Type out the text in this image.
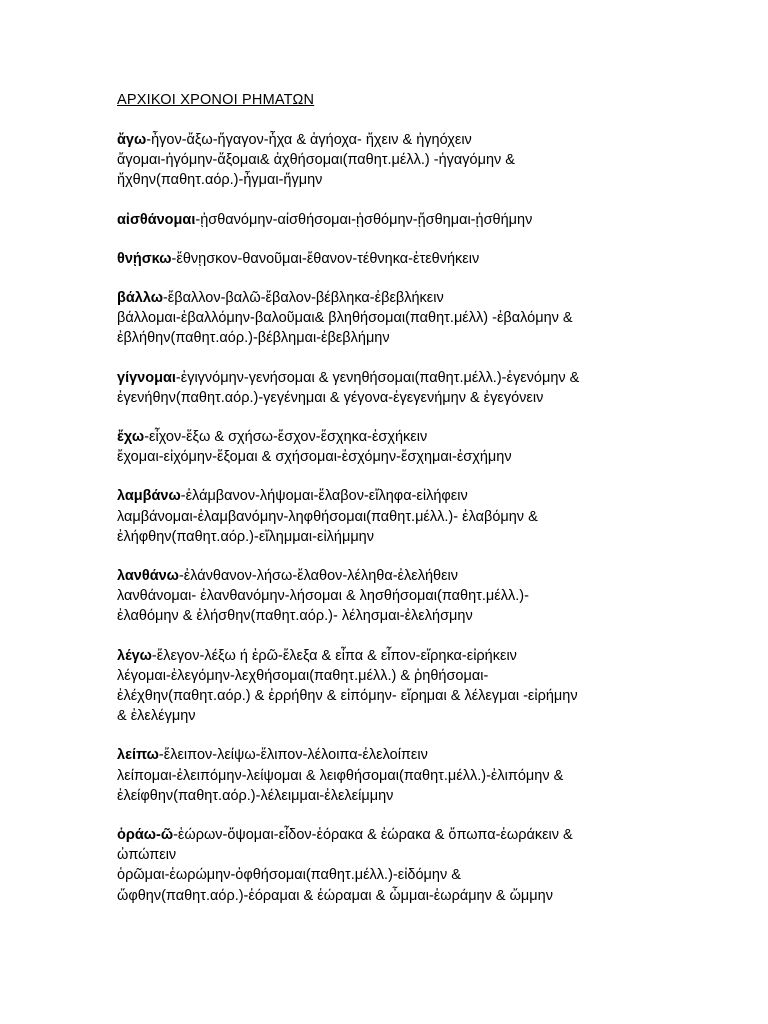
ΑΡΧΙΚΟΙ ΧΡΟΝΟΙ ΡΗΜΑΤΩΝ
ἄγω-ἦγον-ἄξω-ἤγαγον-ἦχα & ἀγήοχα- ἤχειν & ἠγηόχειν
ἄγομαι-ἠγόμην-ἄξομαι& ἀχθήσομαι(παθητ.μέλλ.) -ἠγαγόμην &
ἤχθην(παθητ.αόρ.)-ἦγμαι-ἤγμην
αἰσθάνομαι-ᾐσθανόμην-αἰσθήσομαι-ᾐσθόμην-ᾔσθημαι-ᾐσθήμην
θνῄσκω-ἔθνῃσκον-θανοῦμαι-ἔθανον-τέθνηκα-ἐτεθνήκειν
βάλλω-ἔβαλλον-βαλῶ-ἔβαλον-βέβληκα-ἐβεβλήκειν
βάλλομαι-ἐβαλλόμην-βαλοῦμαι& βληθήσομαι(παθητ.μέλλ) -ἐβαλόμην &
ἐβλήθην(παθητ.αόρ.)-βέβλημαι-ἐβεβλήμην
γίγνομαι-ἐγιγνόμην-γενήσομαι & γενηθήσομαι(παθητ.μέλλ.)-ἐγενόμην &
ἐγενήθην(παθητ.αόρ.)-γεγένημαι & γέγονα-ἐγεγενήμην & ἐγεγόνειν
ἔχω-εἶχον-ἕξω & σχήσω-ἔσχον-ἔσχηκα-ἐσχήκειν
ἔχομαι-εἰχόμην-ἕξομαι & σχήσομαι-ἐσχόμην-ἔσχημαι-ἐσχήμην
λαμβάνω-ἐλάμβανον-λήψομαι-ἔλαβον-εἴληφα-εἰλήφειν
λαμβάνομαι-ἐλαμβανόμην-ληφθήσομαι(παθητ.μέλλ.)- ἐλαβόμην &
ἐλήφθην(παθητ.αόρ.)-εἴλημμαι-εἰλήμμην
λανθάνω-ἐλάνθανον-λήσω-ἔλαθον-λέληθα-ἐλελήθειν
λανθάνομαι- ἐλανθανόμην-λήσομαι & λησθήσομαι(παθητ.μέλλ.)-
ἐλαθόμην & ἐλήσθην(παθητ.αόρ.)- λέλησμαι-ἐλελήσμην
λέγω-ἔλεγον-λέξω ή ἐρῶ-ἔλεξα & εἶπα & εἶπον-εἴρηκα-εἰρήκειν
λέγομαι-ἐλεγόμην-λεχθήσομαι(παθητ.μέλλ.) & ῥηθήσομαι-
ἐλέχθην(παθητ.αόρ.) & ἐρρήθην & εἰπόμην- εἴρημαι & λέλεγμαι -εἰρήμην
& ἐλελέγμην
λείπω-ἔλειπον-λείψω-ἔλιπον-λέλοιπα-ἐλελοίπειν
λείπομαι-ἐλειπόμην-λείψομαι & λειφθήσομαι(παθητ.μέλλ.)-ἐλιπόμην &
ἐλείφθην(παθητ.αόρ.)-λέλειμμαι-ἐλελείμμην
ὁράω-ῶ-ἑώρων-ὄψομαι-εἶδον-ἑόρακα & ἑώρακα & ὄπωπα-ἑωράκειν &
ὠπώπειν
ὁρῶμαι-ἑωρώμην-ὀφθήσομαι(παθητ.μέλλ.)-εἰδόμην &
ὤφθην(παθητ.αόρ.)-ἑόραμαι & ἑώραμαι & ὦμμαι-ἑωράμην & ὤμμην
